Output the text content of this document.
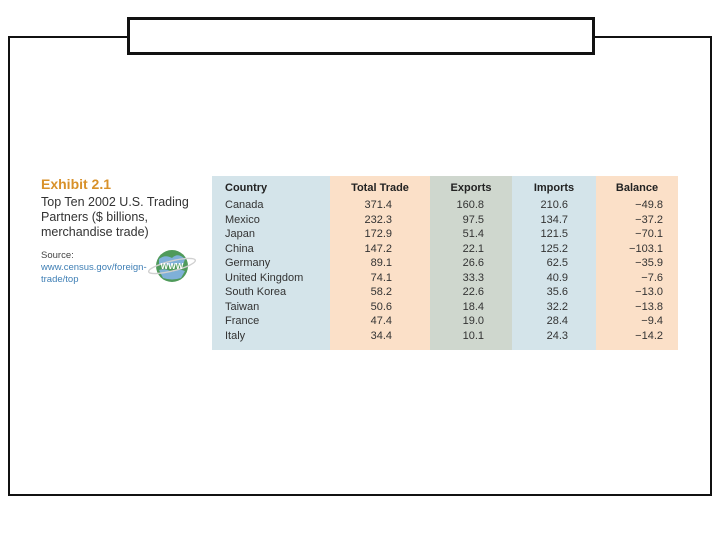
Exhibit 2.1

Top Ten 2002 U.S. Trading Partners ($ billions, merchandise trade)

Source: www.census.gov/foreign-trade/top
WWW
Country
Canada
Mexico
Japan
China
Germany
United Kingdom
South Korea
Taiwan
France
Italy
Total Trade
371.4
232.3
172.9
147.2
89.1
74.1
58.2
50.6
47.4
34.4
Exports
160.8
97.5
51.4
22.1
26.6
33.3
22.6
18.4
19.0
10.1
Imports
210.6
134.7
121.5
125.2
62.5
40.9
35.6
32.2
28.4
24.3
Balance
−49.8
−37.2
−70.1
−103.1
−35.9
−7.6
−13.0
−13.8
−9.4
−14.2
